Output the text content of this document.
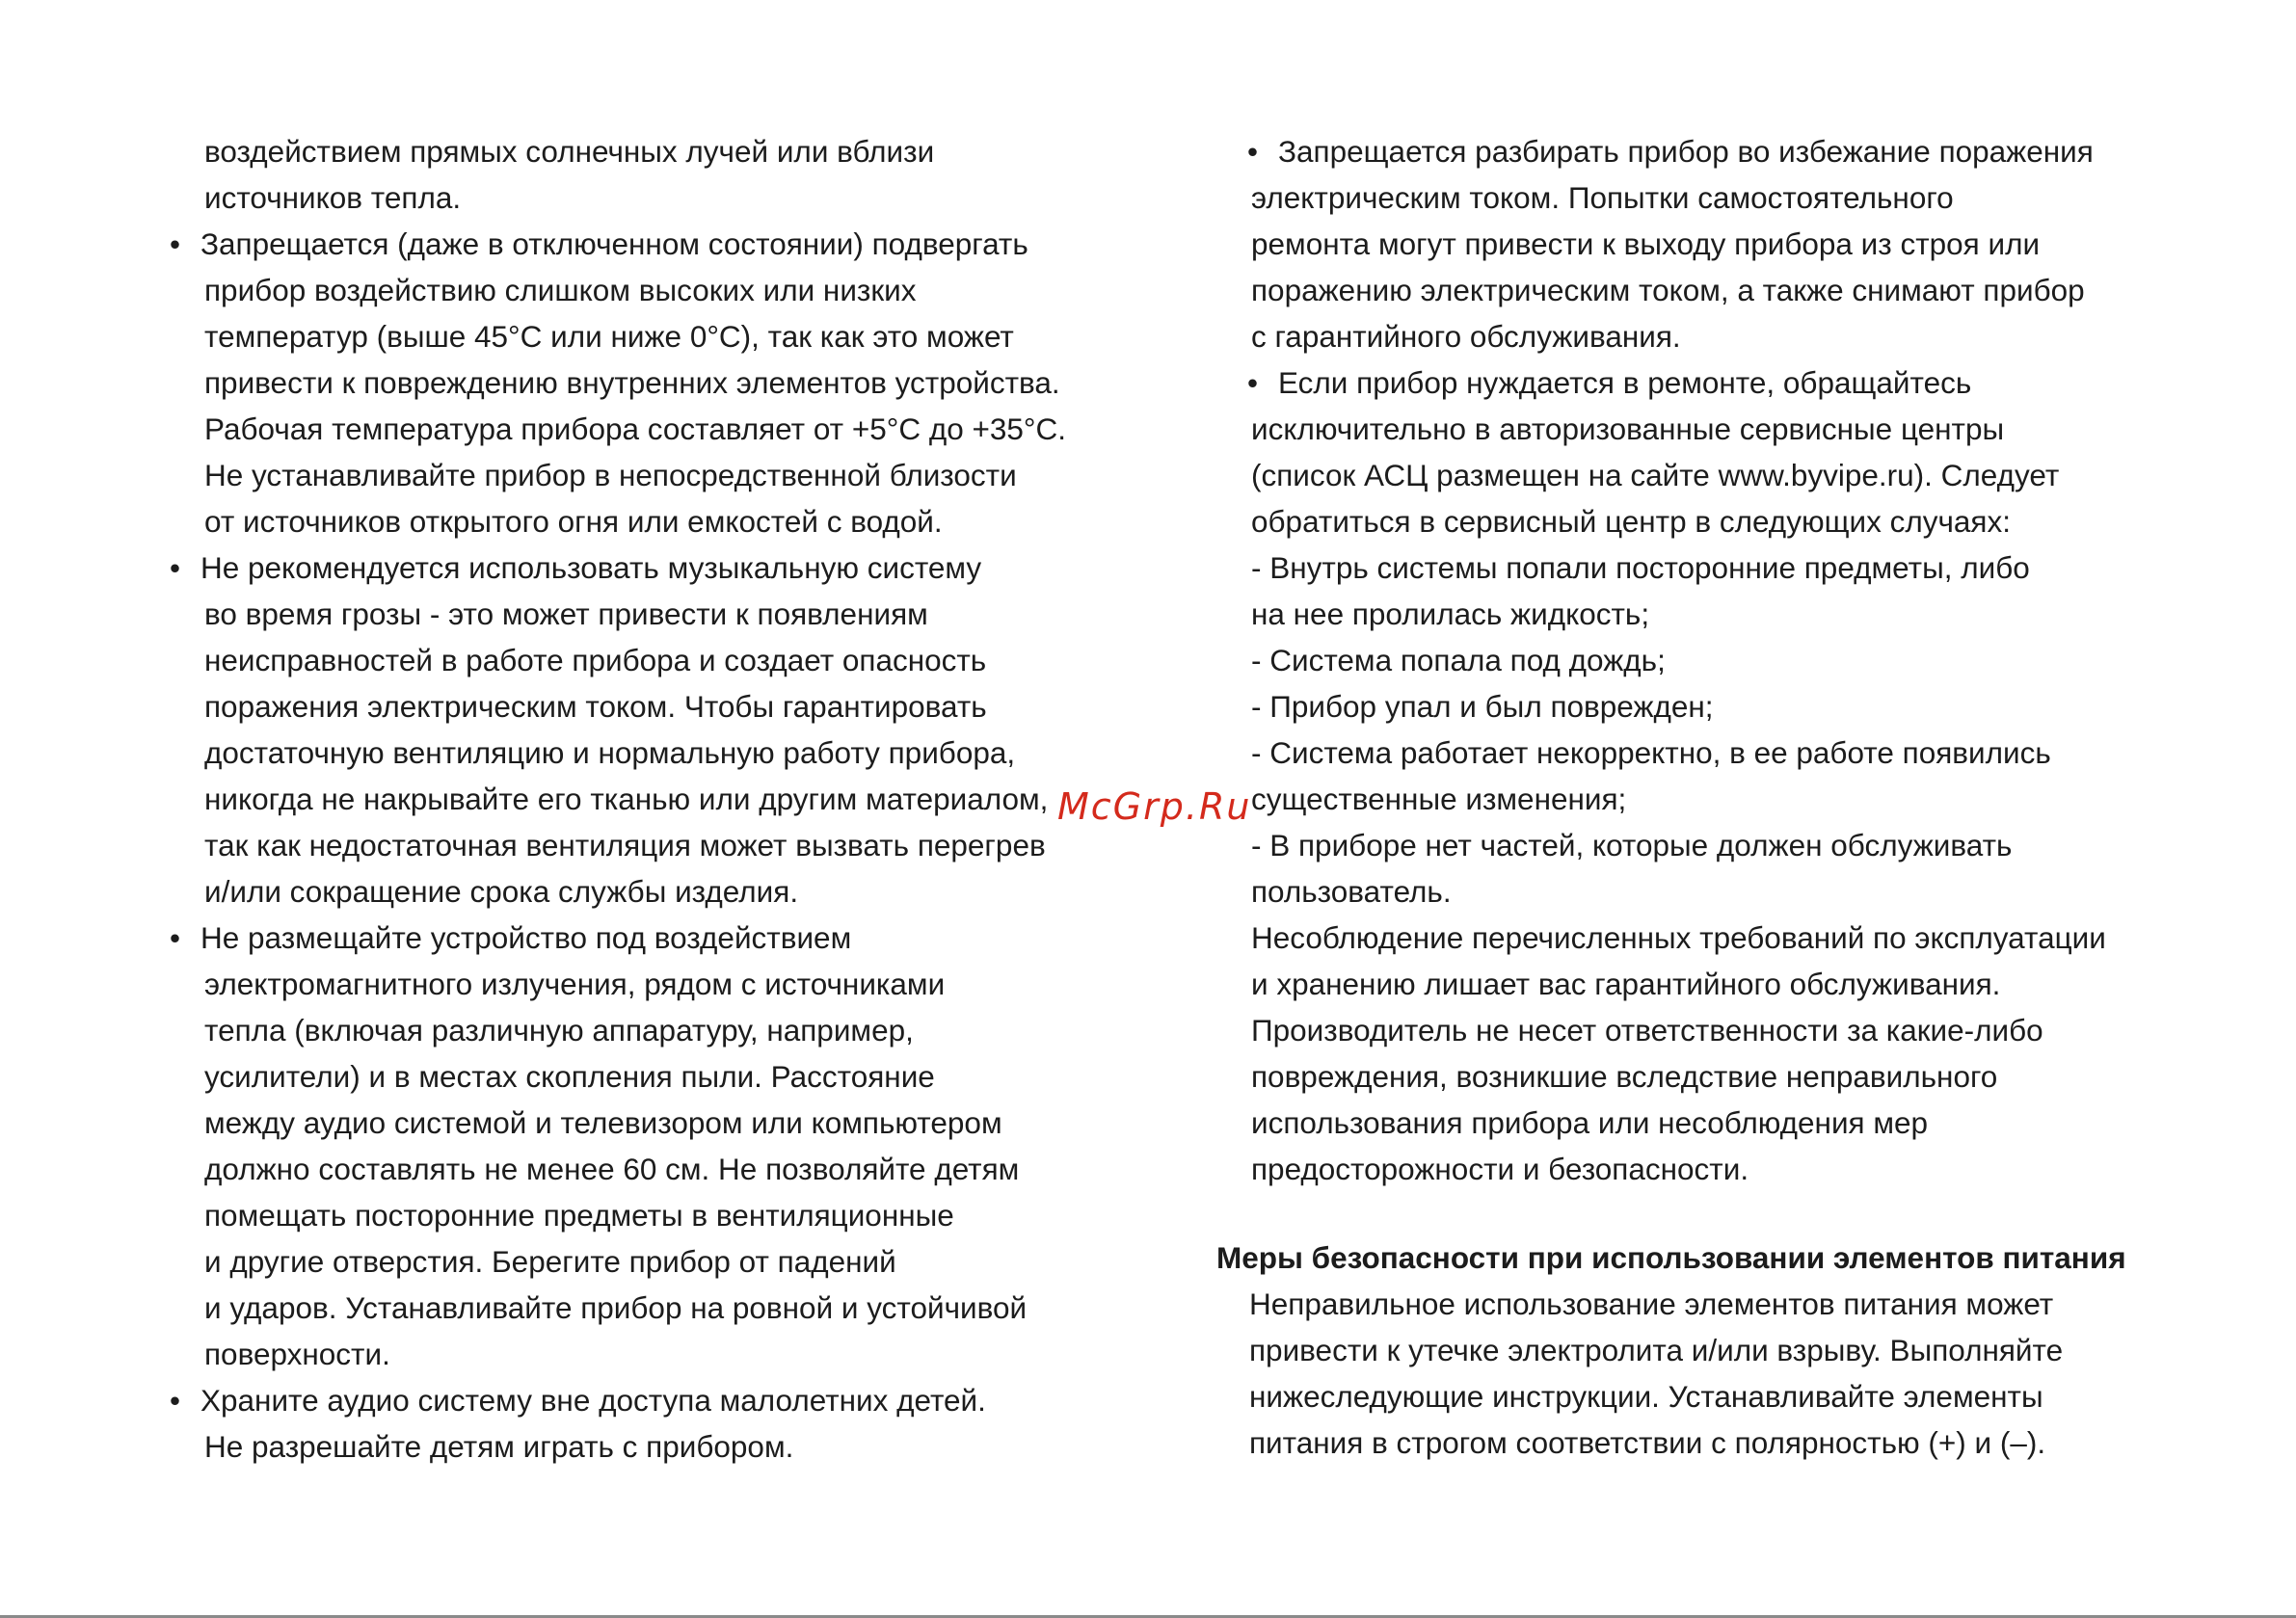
воздействием прямых солнечных лучей или вблизи
источников тепла.
• Запрещается (даже в отключенном состоянии) подвергать
прибор воздействию слишком высоких или низких
температур (выше 45°С или ниже 0°С), так как это может
привести к повреждению внутренних элементов устройства.
Рабочая температура прибора составляет от +5°С до +35°С.
Не устанавливайте прибор в непосредственной близости
от источников открытого огня или емкостей с водой.
• Не рекомендуется использовать музыкальную систему
во время грозы - это может привести к появлениям
неисправностей в работе прибора и создает опасность
поражения электрическим током. Чтобы гарантировать
достаточную вентиляцию и нормальную работу прибора,
никогда не накрывайте его тканью или другим материалом,
так как недостаточная вентиляция может вызвать перегрев
и/или сокращение срока службы изделия.
• Не размещайте устройство под воздействием
электромагнитного излучения, рядом с источниками
тепла (включая различную аппаратуру, например,
усилители) и в местах скопления пыли. Расстояние
между аудио системой и телевизором или компьютером
должно составлять не менее 60 см. Не позволяйте детям
помещать посторонние предметы в вентиляционные
и другие отверстия. Берегите прибор от падений
и ударов. Устанавливайте прибор на ровной и устойчивой
поверхности.
• Храните аудио систему вне доступа малолетних детей.
Не разрешайте детям играть с прибором.
• Запрещается разбирать прибор во избежание поражения
электрическим током. Попытки самостоятельного
ремонта могут привести к выходу прибора из строя или
поражению электрическим током, а также снимают прибор
с гарантийного обслуживания.
• Если прибор нуждается в ремонте, обращайтесь
исключительно в авторизованные сервисные центры
(список АСЦ размещен на сайте www.byvipe.ru). Следует
обратиться в сервисный центр в следующих случаях:
- Внутрь системы попали посторонние предметы, либо
на нее пролилась жидкость;
- Система попала под дождь;
- Прибор упал и был поврежден;
- Система работает некорректно, в ее работе появились
существенные изменения;
- В приборе нет частей, которые должен обслуживать
пользователь.
Несоблюдение перечисленных требований по эксплуатации
и хранению лишает вас гарантийного обслуживания.
Производитель не несет ответственности за какие-либо
повреждения, возникшие вследствие неправильного
использования прибора или несоблюдения мер
предосторожности и безопасности.
Меры безопасности при использовании элементов питания
Неправильное использование элементов питания может
привести к утечке электролита и/или взрыву. Выполняйте
нижеследующие инструкции. Устанавливайте элементы
питания в строгом соответствии с полярностью (+) и (–).
McGrp.Ru
